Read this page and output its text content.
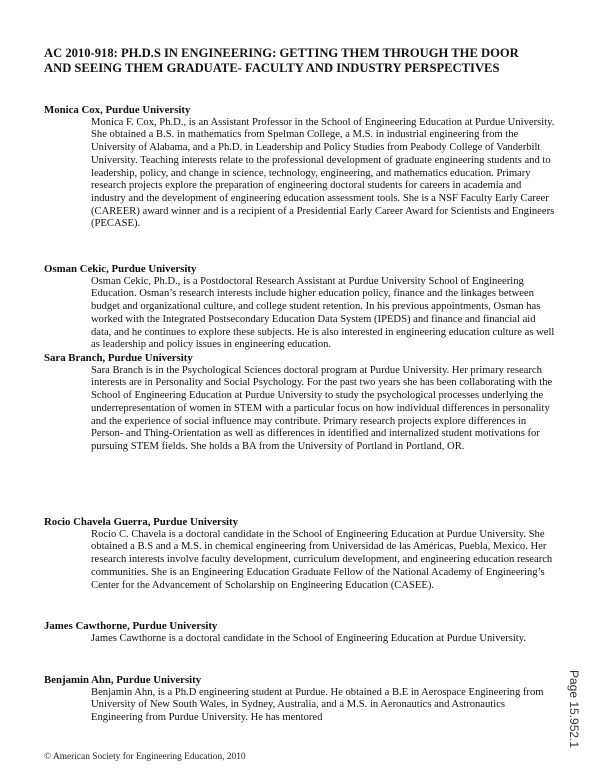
AC 2010-918: PH.D.S IN ENGINEERING: GETTING THEM THROUGH THE DOOR AND SEEING THEM GRADUATE- FACULTY AND INDUSTRY PERSPECTIVES

Monica Cox, Purdue University

Monica F. Cox, Ph.D., is an Assistant Professor in the School of Engineering Education at Purdue University. She obtained a B.S. in mathematics from Spelman College, a M.S. in industrial engineering from the University of Alabama, and a Ph.D. in Leadership and Policy Studies from Peabody College of Vanderbilt University. Teaching interests relate to the professional development of graduate engineering students and to leadership, policy, and change in science, technology, engineering, and mathematics education. Primary research projects explore the preparation of engineering doctoral students for careers in academia and industry and the development of engineering education assessment tools. She is a NSF Faculty Early Career (CAREER) award winner and is a recipient of a Presidential Early Career Award for Scientists and Engineers (PECASE).

Osman Cekic, Purdue University

Osman Cekic, Ph.D., is a Postdoctoral Research Assistant at Purdue University School of Engineering Education. Osman’s research interests include higher education policy, finance and the linkages between budget and organizational culture, and college student retention. In his previous appointments, Osman has worked with the Integrated Postsecondary Education Data System (IPEDS) and finance and financial aid data, and he continues to explore these subjects. He is also interested in engineering education culture as well as leadership and policy issues in engineering education.

Sara Branch, Purdue University

Sara Branch is in the Psychological Sciences doctoral program at Purdue University. Her primary research interests are in Personality and Social Psychology. For the past two years she has been collaborating with the School of Engineering Education at Purdue University to study the psychological processes underlying the underrepresentation of women in STEM with a particular focus on how individual differences in personality and the experience of social influence may contribute. Primary research projects explore differences in Person- and Thing-Orientation as well as differences in identified and internalized student motivations for pursuing STEM fields. She holds a BA from the University of Portland in Portland, OR.

Rocio Chavela Guerra, Purdue University

Rocio C. Chavela is a doctoral candidate in the School of Engineering Education at Purdue University. She obtained a B.S and a M.S. in chemical engineering from Universidad de las Américas, Puebla, Mexico. Her research interests involve faculty development, curriculum development, and engineering education research communities. She is an Engineering Education Graduate Fellow of the National Academy of Engineering’s Center for the Advancement of Scholarship on Engineering Education (CASEE).

James Cawthorne, Purdue University

James Cawthorne is a doctoral candidate in the School of Engineering Education at Purdue University.

Benjamin Ahn, Purdue University

Benjamin Ahn, is a Ph.D engineering student at Purdue. He obtained a B.E in Aerospace Engineering from University of New South Wales, in Sydney, Australia, and a M.S. in Aeronautics and Astronautics Engineering from Purdue University. He has mentored	Page 15.952.1

© American Society for Engineering Education, 2010
